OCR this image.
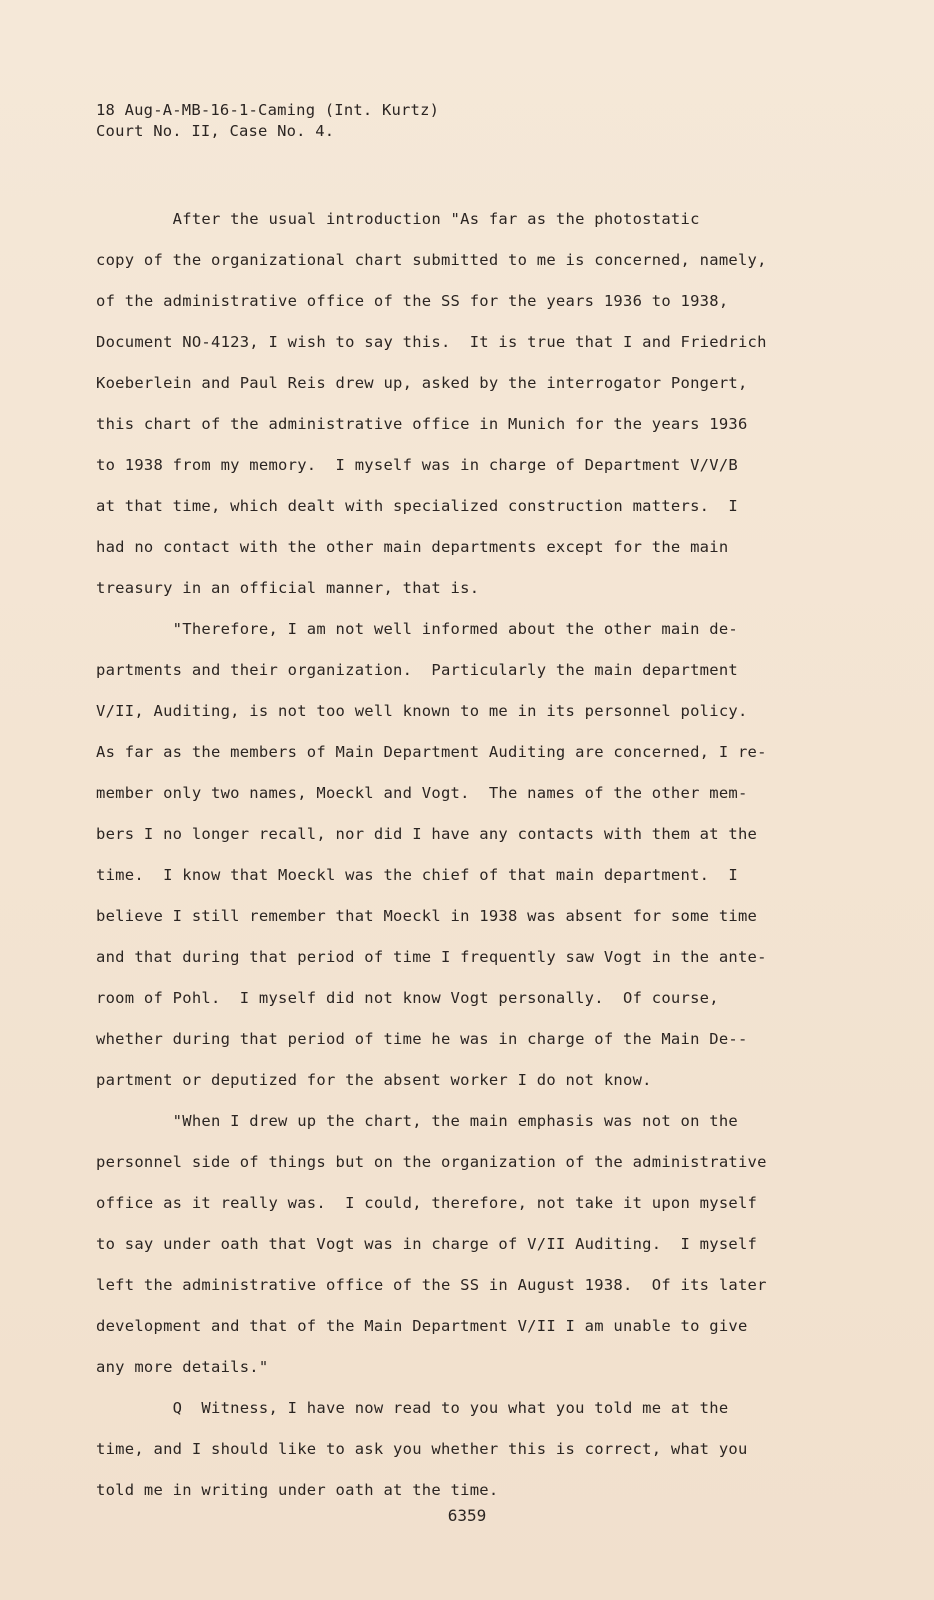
18 Aug-A-MB-16-1-Caming (Int. Kurtz)
Court No. II, Case No. 4.
After the usual introduction "As far as the photostatic
copy of the organizational chart submitted to me is concerned, namely,
of the administrative office of the SS for the years 1936 to 1938,
Document NO-4123, I wish to say this.  It is true that I and Friedrich
Koeberlein and Paul Reis drew up, asked by the interrogator Pongert,
this chart of the administrative office in Munich for the years 1936
to 1938 from my memory.  I myself was in charge of Department V/V/B
at that time, which dealt with specialized construction matters.  I
had no contact with the other main departments except for the main
treasury in an official manner, that is.
"Therefore, I am not well informed about the other main de-
partments and their organization.  Particularly the main department
V/II, Auditing, is not too well known to me in its personnel policy.
As far as the members of Main Department Auditing are concerned, I re-
member only two names, Moeckl and Vogt.  The names of the other mem-
bers I no longer recall, nor did I have any contacts with them at the
time.  I know that Moeckl was the chief of that main department.  I
believe I still remember that Moeckl in 1938 was absent for some time
and that during that period of time I frequently saw Vogt in the ante-
room of Pohl.  I myself did not know Vogt personally.  Of course,
whether during that period of time he was in charge of the Main De--
partment or deputized for the absent worker I do not know.
"When I drew up the chart, the main emphasis was not on the
personnel side of things but on the organization of the administrative
office as it really was.  I could, therefore, not take it upon myself
to say under oath that Vogt was in charge of V/II Auditing.  I myself
left the administrative office of the SS in August 1938.  Of its later
development and that of the Main Department V/II I am unable to give
any more details."
Q  Witness, I have now read to you what you told me at the
time, and I should like to ask you whether this is correct, what you
told me in writing under oath at the time.
6359
